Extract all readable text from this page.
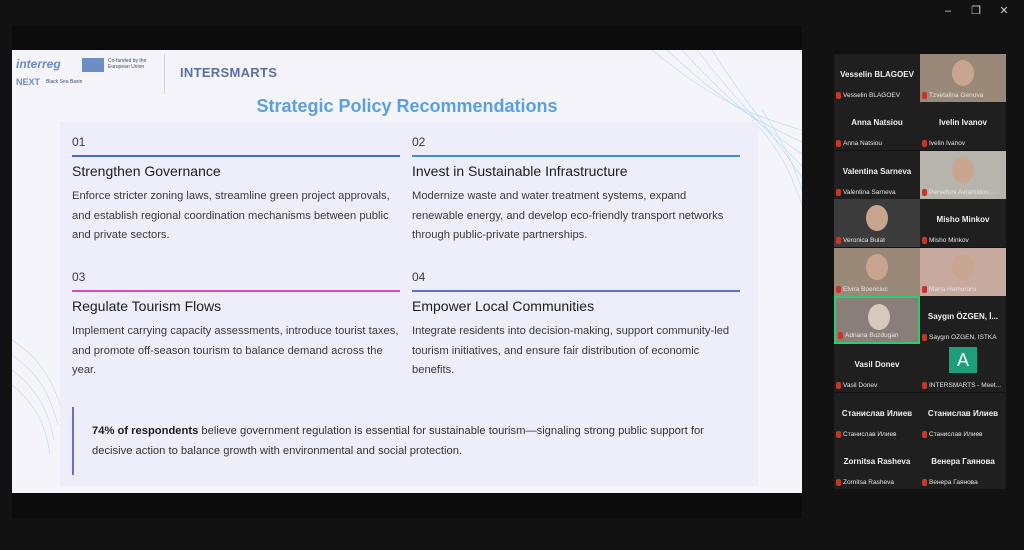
–	❐	✕
interreg
NEXT Black Sea Basin
Co-funded by the European Union	INTERSMARTS
Strategic Policy Recommendations
01
Strengthen Governance
Enforce stricter zoning laws, streamline green project approvals, and establish regional coordination mechanisms between public and private sectors.
02
Invest in Sustainable Infrastructure
Modernize waste and water treatment systems, expand renewable energy, and develop eco-friendly transport networks through public-private partnerships.
03
Regulate Tourism Flows
Implement carrying capacity assessments, introduce tourist taxes, and promote off-season tourism to balance demand across the year.
04
Empower Local Communities
Integrate residents into decision-making, support community-led tourism initiatives, and ensure fair distribution of economic benefits.
74% of respondents believe government regulation is essential for sustainable tourism—signaling strong public support for decisive action to balance growth with environmental and social protection.
Vesselin BLAGOEV
Vesselin BLAGOEV	Tzvetalina Genova
Anna Natsiou
Anna Natsiou
Ivelin Ivanov
Ivelin Ivanov
Valentina Sarneva
Valentina Sarneva	Persefoni Avramidou ...
Veronica Bulat
Misho Minkov
Misho Minkov
Elvira Boenciuc	Maria Hamuraru
Adriana Buzdugan
Saygın ÖZGEN, İ...
Saygın ÖZGEN, ISTKA
Vasil Donev
Vasil Donev
A
INTERSMARTS - Meet...
Станислав Илиев
Станислав Илиев
Станислав Илиев
Станислав Илиев
Zornitsa Rasheva
Zornitsa Rasheva
Венера Гаянова
Венера Гаянова
